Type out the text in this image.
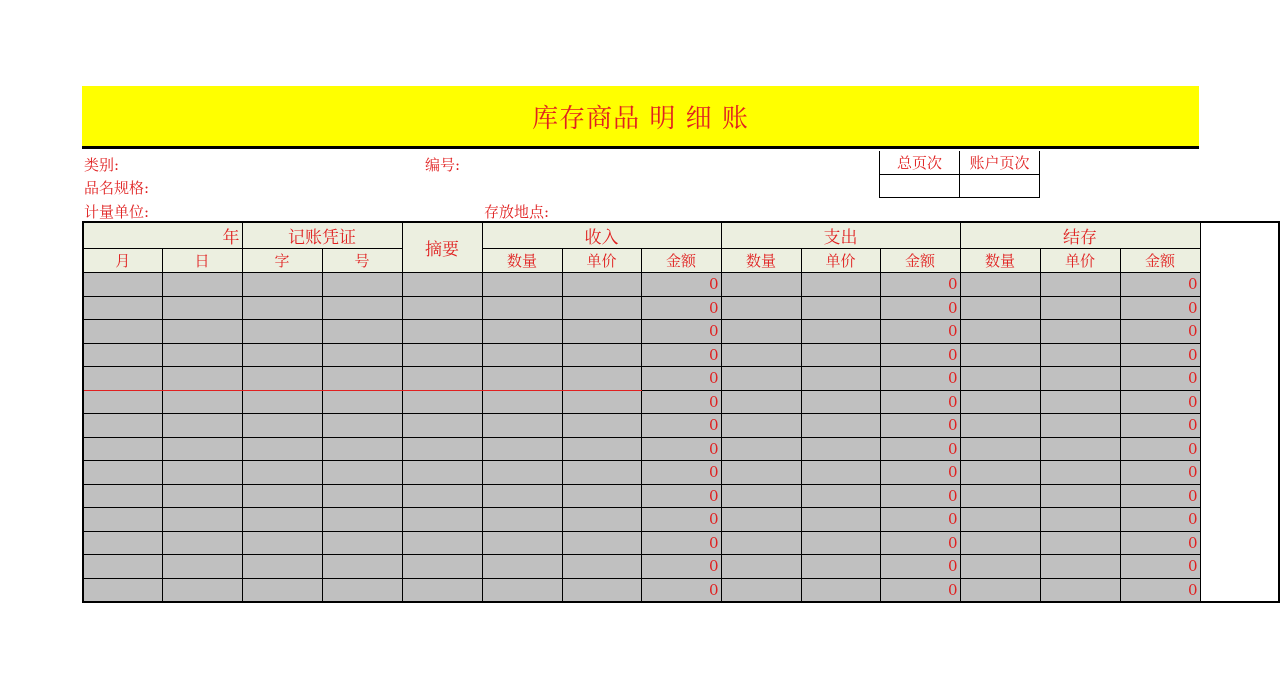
库存商品 明 细 账
类别:	编号:
品名规格:
计量单位:	存放地点:
总页次	账户页次

年		记账凭证		摘要	收入			支出			结存		
月	日	字	号		数量	单价	金额	数量	单价	金额	数量	单价	金额
							0			0			0
							0			0			0
							0			0			0
							0			0			0
							0			0			0
							0			0			0
							0			0			0
							0			0			0
							0			0			0
							0			0			0
							0			0			0
							0			0			0
							0			0			0
							0			0			0
